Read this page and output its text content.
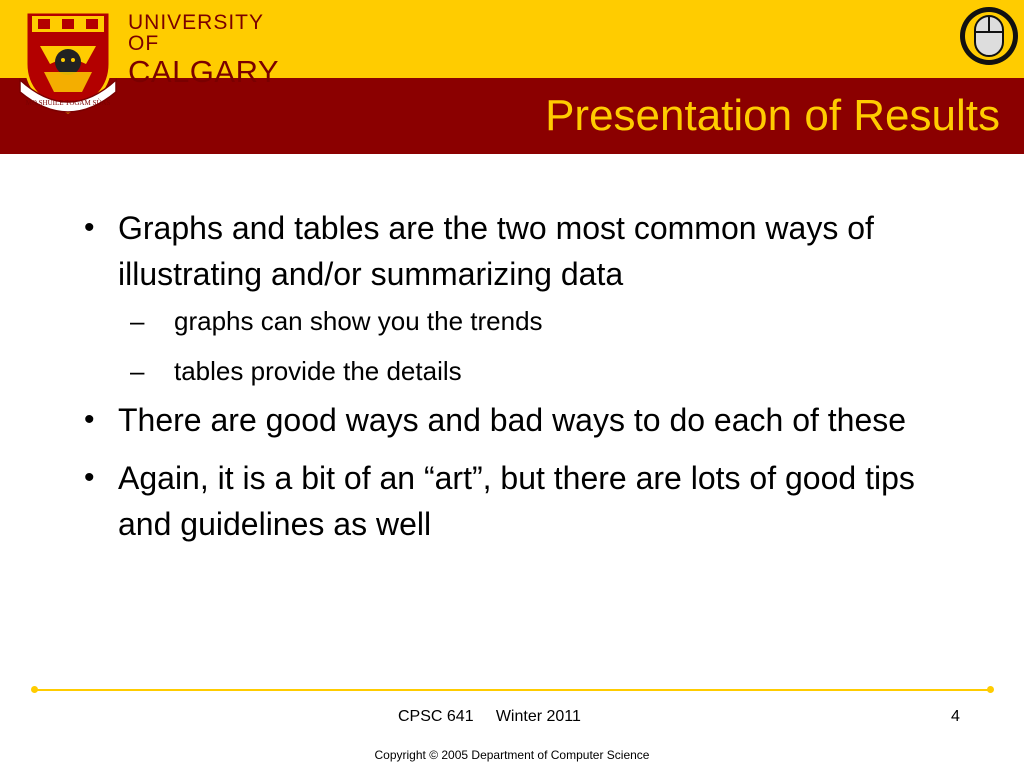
MO SHÙILE TOGAM SÙAS
UNIVERSITY OF
CALGARY
Presentation of Results
• Graphs and tables are the two most common ways of illustrating and/or summarizing data
– graphs can show you the trends
– tables provide the details
• There are good ways and bad ways to do each of these
• Again, it is a bit of an “art”, but there are lots of good tips and guidelines as well
CPSC 641 Winter 2011	4
Copyright © 2005 Department of Computer Science
